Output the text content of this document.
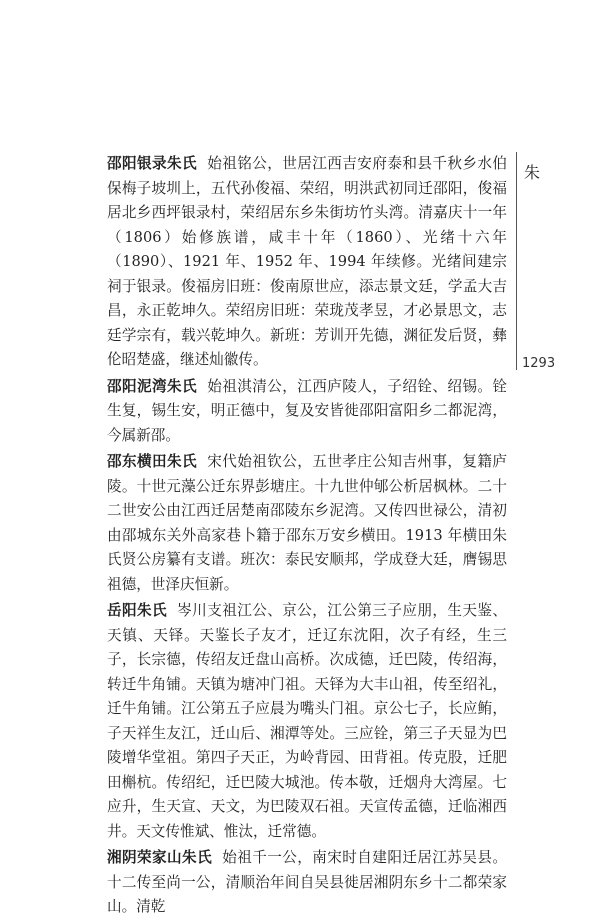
邵阳银录朱氏 始祖铭公，世居江西吉安府泰和县千秋乡水伯保梅子坡圳上，五代孙俊福、荣绍，明洪武初同迁邵阳，俊福居北乡西坪银录村，荣绍居东乡朱街坊竹头湾。清嘉庆十一年（1806）始修族谱，咸丰十年（1860）、光绪十六年（1890）、1921 年、1952 年、1994 年续修。光绪间建宗祠于银录。俊福房旧班：俊南原世应，添志景文廷，学孟大吉昌，永正乾坤久。荣绍房旧班：荣珑茂孝昱，才必景思文，志廷学宗有，载兴乾坤久。新班：芳训开先德，渊征发后贤，彝伦昭楚盛，继述灿徽传。

邵阳泥湾朱氏 始祖淇清公，江西庐陵人，子绍铨、绍锡。铨生复，锡生安，明正德中，复及安皆徙邵阳富阳乡二都泥湾，今属新邵。

邵东横田朱氏 宋代始祖钦公，五世孝庄公知吉州事，复籍庐陵。十世元藻公迁东界彭塘庄。十九世仲郇公析居枫林。二十二世安公由江西迁居楚南邵陵东乡泥湾。又传四世禄公，清初由邵城东关外高家巷卜籍于邵东万安乡横田。1913 年横田朱氏贤公房纂有支谱。班次：泰民安顺邦，学成登大廷，膺锡思祖德，世泽庆恒新。

岳阳朱氏 岑川支祖江公、京公，江公第三子应朋，生天鉴、天镇、天铎。天鉴长子友才，迁辽东沈阳，次子有经，生三子，长宗德，传绍友迁盘山高桥。次成德，迁巴陵，传绍海，转迁牛角铺。天镇为塘冲门祖。天铎为大丰山祖，传至绍礼，迁牛角铺。江公第五子应晨为嘴头门祖。京公七子，长应鲔，子天祥生友江，迁山后、湘潭等处。三应铨，第三子天显为巴陵增华堂祖。第四子天正，为岭背园、田背祖。传克股，迁肥田槲杭。传绍纪，迁巴陵大城池。传本敬，迁烟舟大湾屋。七应升，生天宣、天文，为巴陵双石祖。天宣传孟德，迁临湘西井。天文传惟斌、惟汰，迁常德。

湘阴荣家山朱氏 始祖千一公，南宋时自建阳迁居江苏吴县。十二传至尚一公，清顺治年间自吴县徙居湘阴东乡十二都荣家山。清乾

朱
1293
